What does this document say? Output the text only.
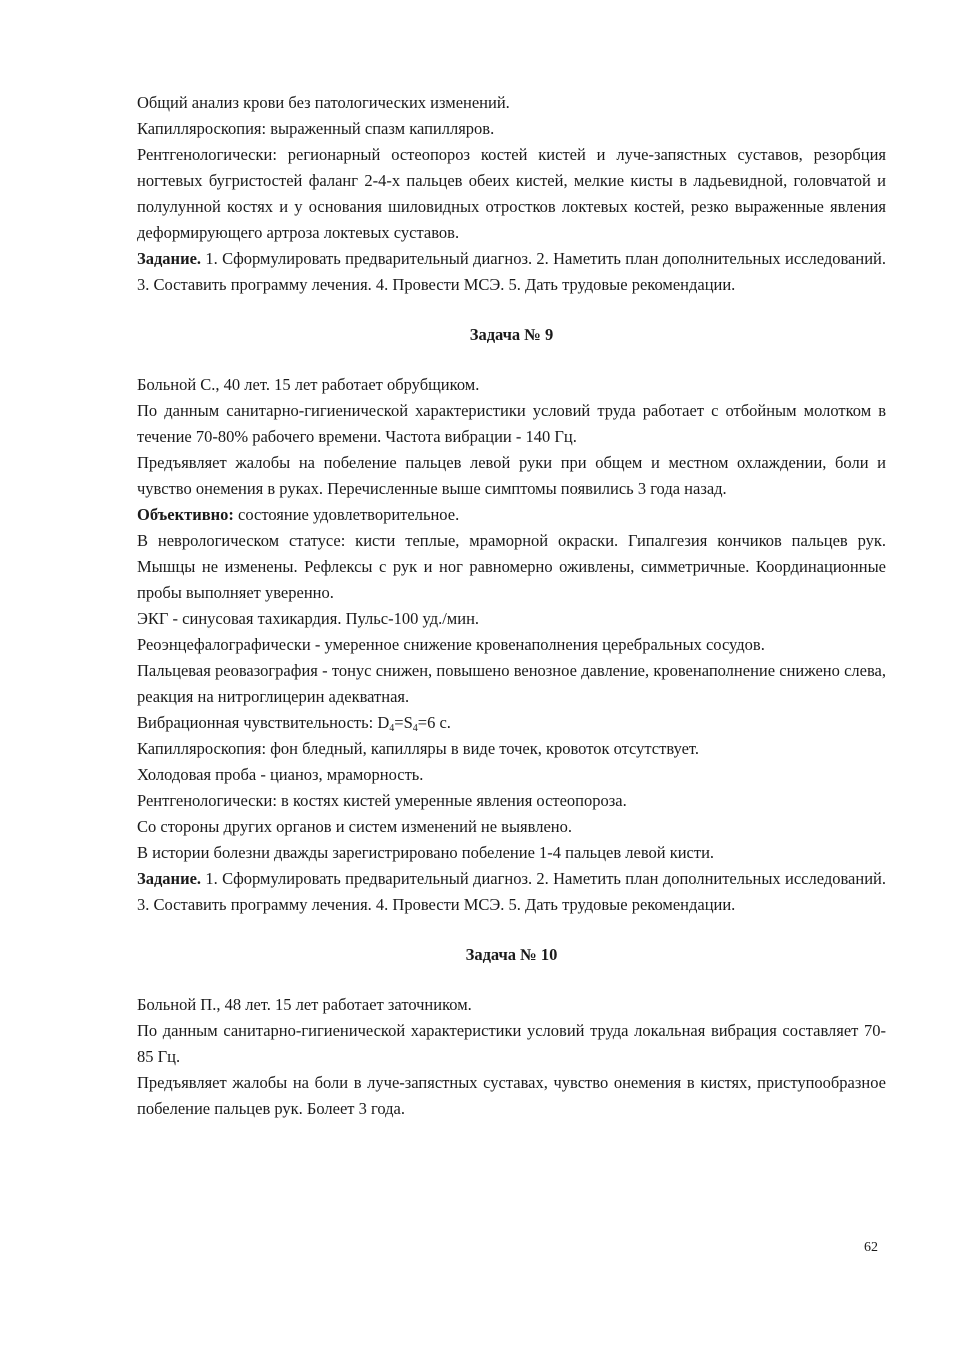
Общий анализ крови без патологических изменений.

Капилляроскопия: выраженный спазм капилляров.

Рентгенологически: регионарный остеопороз костей кистей и луче-запястных суставов, резорбция ногтевых бугристостей фаланг 2-4-х пальцев обеих кистей, мелкие кисты в ладьевидной, головчатой и полулунной костях и у основания шиловидных отростков локтевых костей, резко выраженные явления деформирующего артроза локтевых суставов.

Задание. 1. Сформулировать предварительный диагноз. 2. Наметить план дополнительных исследований. 3. Составить программу лечения. 4. Провести МСЭ. 5. Дать трудовые рекомендации.

Задача № 9

Больной С., 40 лет. 15 лет работает обрубщиком.

По данным санитарно-гигиенической характеристики условий труда работает с отбойным молотком в течение 70-80% рабочего времени. Частота вибрации - 140 Гц.

Предъявляет жалобы на побеление пальцев левой руки при общем и местном охлаждении, боли и чувство онемения в руках. Перечисленные выше симптомы появились 3 года назад.

Объективно: состояние удовлетворительное.

В неврологическом статусе: кисти теплые, мраморной окраски. Гипалгезия кончиков пальцев рук. Мышцы не изменены. Рефлексы с рук и ног равномерно оживлены, симметричные. Координационные пробы выполняет уверенно.

ЭКГ - синусовая тахикардия. Пульс-100 уд./мин.

Реоэнцефалографически - умеренное снижение кровенаполнения церебральных сосудов.

Пальцевая реовазография - тонус снижен, повышено венозное давление, кровенаполнение снижено слева, реакция на нитроглицерин адекватная.

Вибрационная чувствительность: $D_4=S_4=6$ с.

Капилляроскопия: фон бледный, капилляры в виде точек, кровоток отсутствует.

Холодовая проба - цианоз, мраморность.

Рентгенологически: в костях кистей умеренные явления остеопороза.

Со стороны других органов и систем изменений не выявлено.

В истории болезни дважды зарегистрировано побеление 1-4 пальцев левой кисти.

Задание. 1. Сформулировать предварительный диагноз. 2. Наметить план дополнительных исследований. 3. Составить программу лечения. 4. Провести МСЭ. 5. Дать трудовые рекомендации.

Задача № 10

Больной П., 48 лет. 15 лет работает заточником.

По данным санитарно-гигиенической характеристики условий труда локальная вибрация составляет 70-85 Гц.

Предъявляет жалобы на боли в луче-запястных суставах, чувство онемения в кистях, приступообразное побеление пальцев рук. Болеет 3 года.

62
